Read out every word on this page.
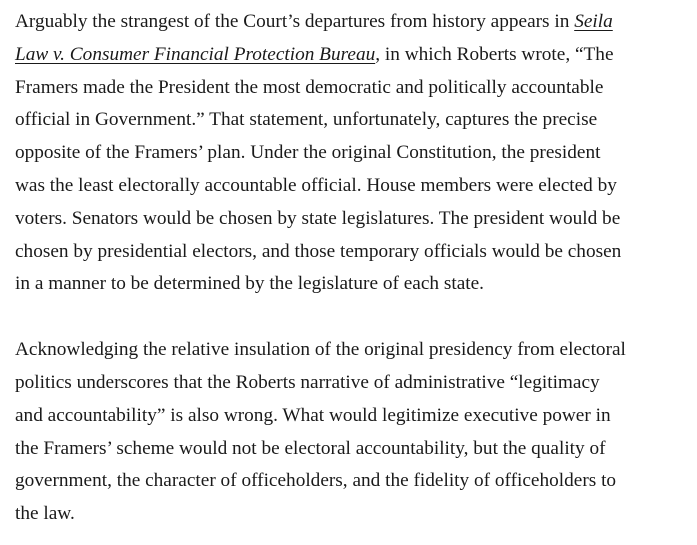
Arguably the strangest of the Court’s departures from history appears in Seila
Law v. Consumer Financial Protection Bureau, in which Roberts wrote, “The
Framers made the President the most democratic and politically accountable
official in Government.” That statement, unfortunately, captures the precise
opposite of the Framers’ plan. Under the original Constitution, the president
was the least electorally accountable official. House members were elected by
voters. Senators would be chosen by state legislatures. The president would be
chosen by presidential electors, and those temporary officials would be chosen
in a manner to be determined by the legislature of each state.

Acknowledging the relative insulation of the original presidency from electoral
politics underscores that the Roberts narrative of administrative “legitimacy
and accountability” is also wrong. What would legitimize executive power in
the Framers’ scheme would not be electoral accountability, but the quality of
government, the character of officeholders, and the fidelity of officeholders to
the law.
